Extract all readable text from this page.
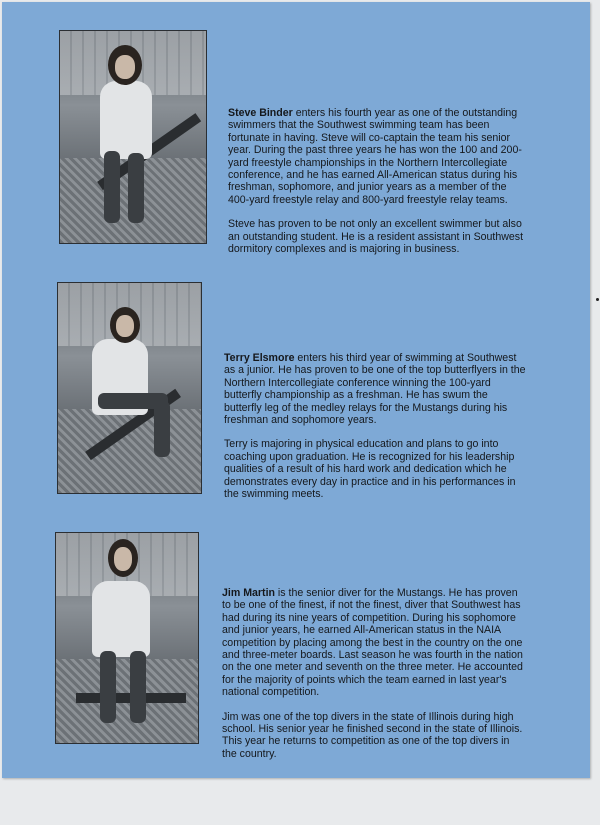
Steve Binder enters his fourth year as one of the outstanding swimmers that the Southwest swimming team has been fortunate in having. Steve will co-captain the team his senior year. During the past three years he has won the 100 and 200-yard freestyle championships in the Northern Intercollegiate conference, and he has earned All-American status during his freshman, sophomore, and junior years as a member of the 400-yard freestyle relay and 800-yard freestyle relay teams.

Steve has proven to be not only an excellent swimmer but also an outstanding student. He is a resident assistant in Southwest dormitory complexes and is majoring in business.

Terry Elsmore enters his third year of swimming at Southwest as a junior. He has proven to be one of the top butterflyers in the Northern Intercollegiate conference winning the 100-yard butterfly championship as a freshman. He has swum the butterfly leg of the medley relays for the Mustangs during his freshman and sophomore years.

Terry is majoring in physical education and plans to go into coaching upon graduation. He is recognized for his leadership qualities of a result of his hard work and dedication which he demonstrates every day in practice and in his performances in the swimming meets.

Jim Martin is the senior diver for the Mustangs. He has proven to be one of the finest, if not the finest, diver that Southwest has had during its nine years of competition. During his sophomore and junior years, he earned All-American status in the NAIA competition by placing among the best in the country on the one and three-meter boards. Last season he was fourth in the nation on the one meter and seventh on the three meter. He accounted for the majority of points which the team earned in last year's national competition.

Jim was one of the top divers in the state of Illinois during high school. His senior year he finished second in the state of Illinois. This year he returns to competition as one of the top divers in the country.
